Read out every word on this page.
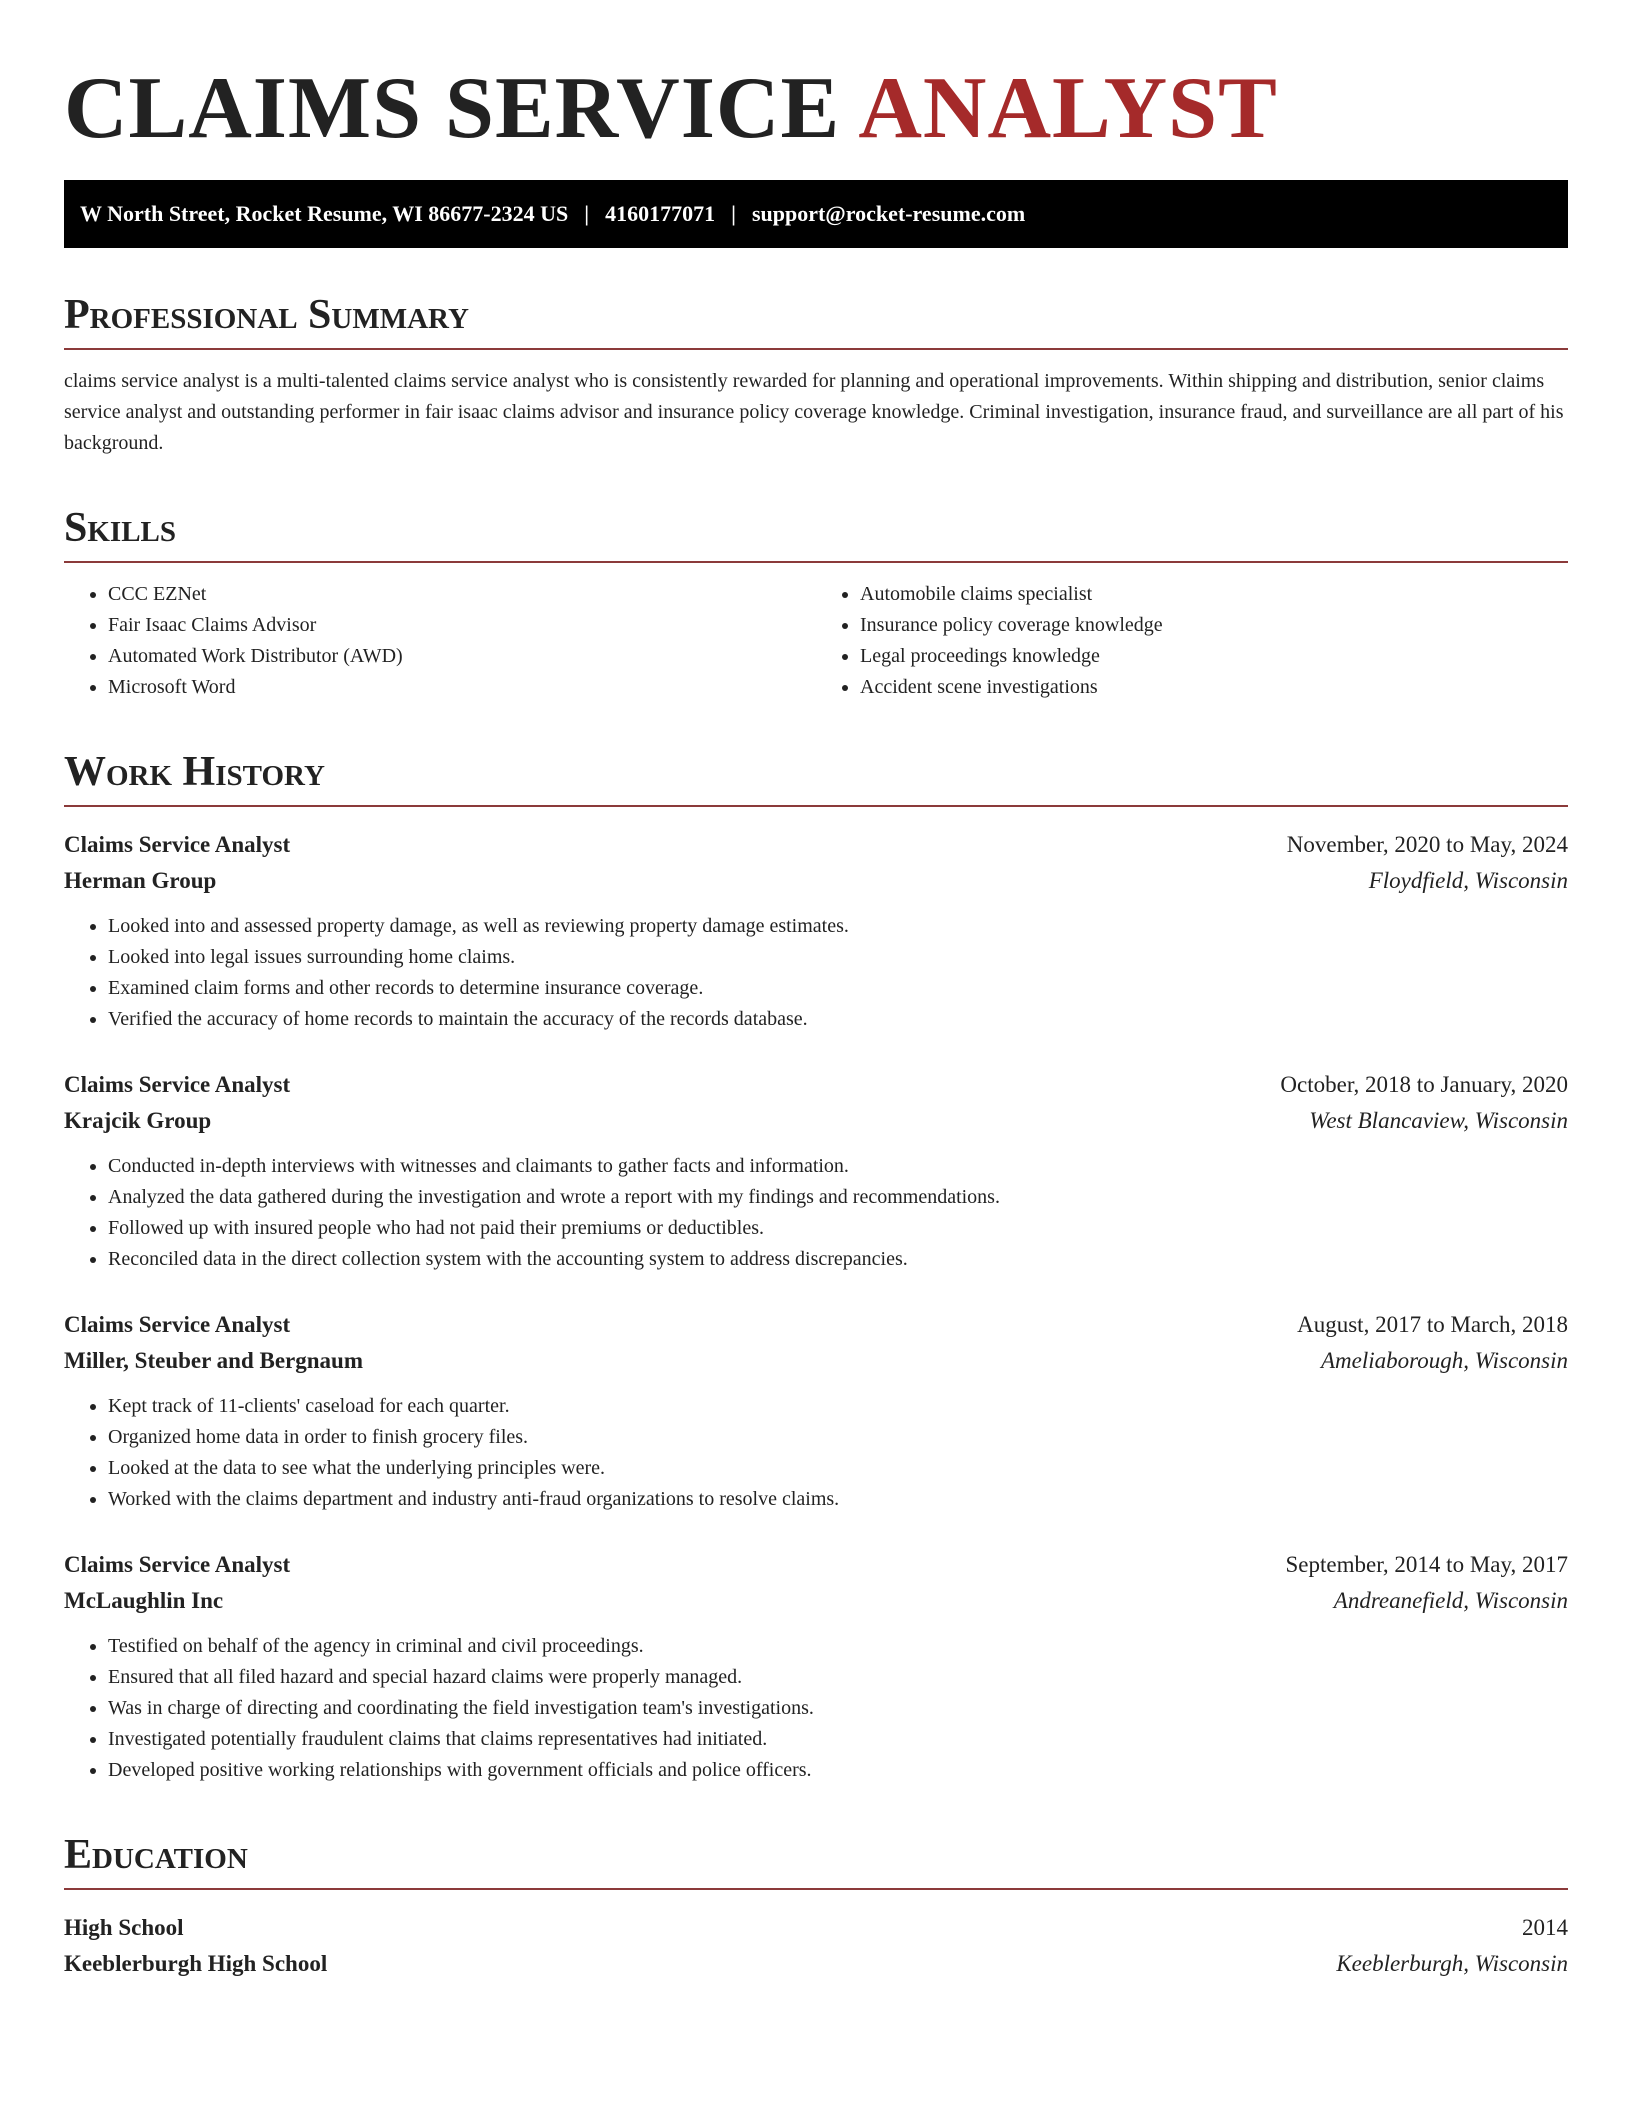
CLAIMS SERVICE ANALYST
W North Street, Rocket Resume, WI 86677-2324 US | 4160177071 | support@rocket-resume.com
Professional Summary

claims service analyst is a multi-talented claims service analyst who is consistently rewarded for planning and operational improvements. Within shipping and distribution, senior claims service analyst and outstanding performer in fair isaac claims advisor and insurance policy coverage knowledge. Criminal investigation, insurance fraud, and surveillance are all part of his background.

Skills
• CCC EZNet
• Fair Isaac Claims Advisor
• Automated Work Distributor (AWD)
• Microsoft Word
• Automobile claims specialist
• Insurance policy coverage knowledge
• Legal proceedings knowledge
• Accident scene investigations
Work History
Claims Service Analyst	November, 2020 to May, 2024
Herman Group	Floydfield, Wisconsin
• Looked into and assessed property damage, as well as reviewing property damage estimates.
• Looked into legal issues surrounding home claims.
• Examined claim forms and other records to determine insurance coverage.
• Verified the accuracy of home records to maintain the accuracy of the records database.
Claims Service Analyst	October, 2018 to January, 2020
Krajcik Group	West Blancaview, Wisconsin
• Conducted in-depth interviews with witnesses and claimants to gather facts and information.
• Analyzed the data gathered during the investigation and wrote a report with my findings and recommendations.
• Followed up with insured people who had not paid their premiums or deductibles.
• Reconciled data in the direct collection system with the accounting system to address discrepancies.
Claims Service Analyst	August, 2017 to March, 2018
Miller, Steuber and Bergnaum	Ameliaborough, Wisconsin
• Kept track of 11-clients' caseload for each quarter.
• Organized home data in order to finish grocery files.
• Looked at the data to see what the underlying principles were.
• Worked with the claims department and industry anti-fraud organizations to resolve claims.
Claims Service Analyst	September, 2014 to May, 2017
McLaughlin Inc	Andreanefield, Wisconsin
• Testified on behalf of the agency in criminal and civil proceedings.
• Ensured that all filed hazard and special hazard claims were properly managed.
• Was in charge of directing and coordinating the field investigation team's investigations.
• Investigated potentially fraudulent claims that claims representatives had initiated.
• Developed positive working relationships with government officials and police officers.
Education
High School	2014
Keeblerburgh High School	Keeblerburgh, Wisconsin
